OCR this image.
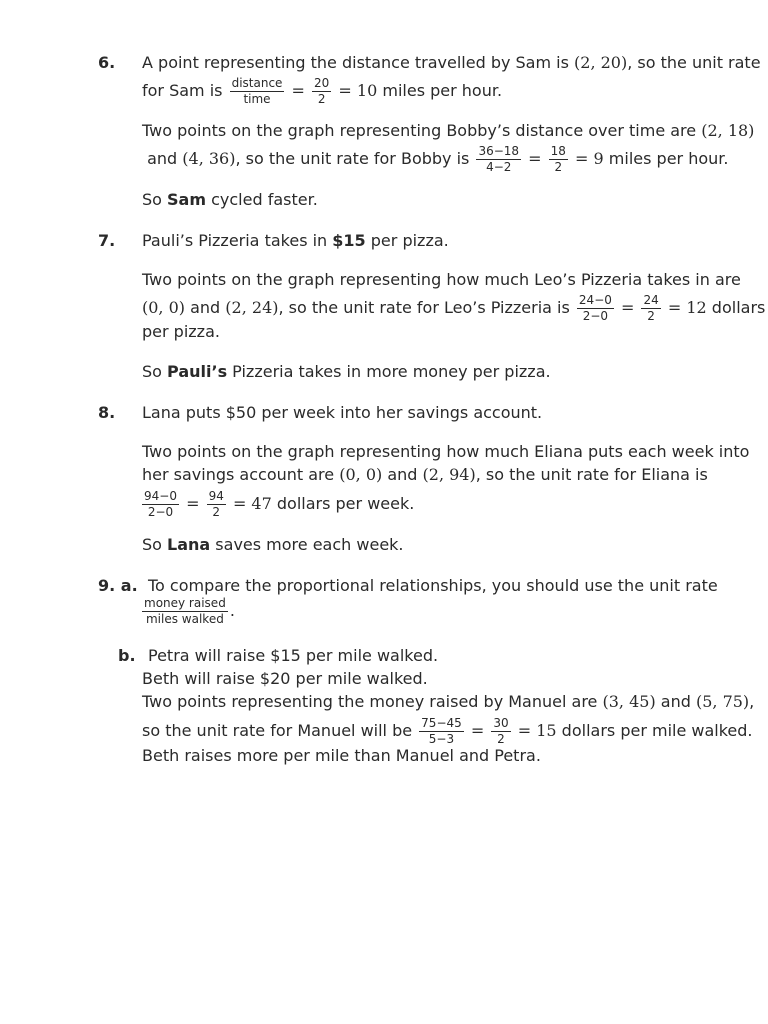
6. A point representing the distance travelled by Sam is (2, 20), so the unit rate
for Sam is $\frac{\text{distance}}{\text{time}} = \frac{20}{2} = 10$ miles per hour.
Two points on the graph representing Bobby’s distance over time are (2, 18)
and (4, 36), so the unit rate for Bobby is $\frac{36-18}{4-2} = \frac{18}{2} = 9$ miles per hour.
So Sam cycled faster.
7. Pauli’s Pizzeria takes in $15 per pizza.
Two points on the graph representing how much Leo’s Pizzeria takes in are
(0, 0) and (2, 24), so the unit rate for Leo’s Pizzeria is $\frac{24-0}{2-0} = \frac{24}{2} = 12$ dollars
per pizza.
So Pauli’s Pizzeria takes in more money per pizza.
8. Lana puts $50 per week into her savings account.
Two points on the graph representing how much Eliana puts each week into
her savings account are (0, 0) and (2, 94), so the unit rate for Eliana is
$\frac{94-0}{2-0} = \frac{94}{2} = 47$ dollars per week.
So Lana saves more each week.
9. a. To compare the proportional relationships, you should use the unit rate
$\frac{\text{money raised}}{\text{miles walked}}$ .
b. Petra will raise $15 per mile walked.
Beth will raise $20 per mile walked.
Two points representing the money raised by Manuel are (3, 45) and (5, 75),
so the unit rate for Manuel will be $\frac{75-45}{5-3} = \frac{30}{2} = 15$ dollars per mile walked.
Beth raises more per mile than Manuel and Petra.
